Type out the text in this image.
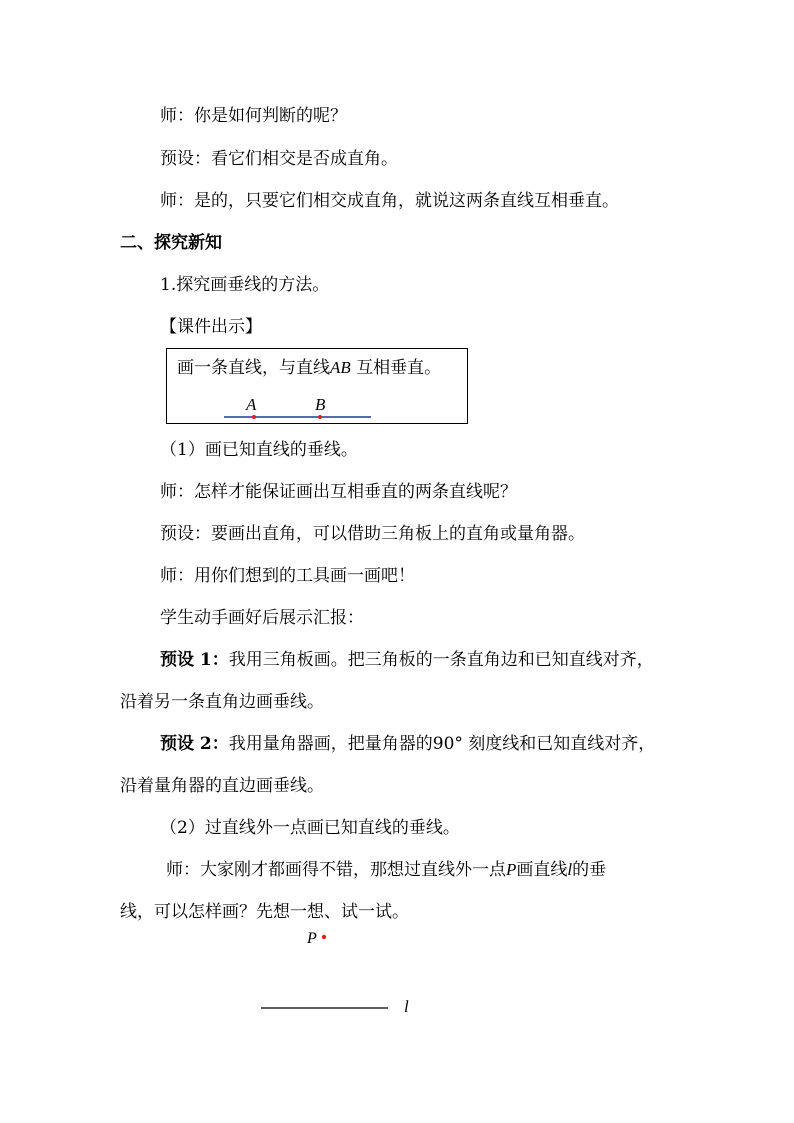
师：你是如何判断的呢？
预设：看它们相交是否成直角。
师：是的，只要它们相交成直角，就说这两条直线互相垂直。
二、探究新知
1.探究画垂线的方法。
【课件出示】
画一条直线，与直线AB 互相垂直。
（1）画已知直线的垂线。
师：怎样才能保证画出互相垂直的两条直线呢？
预设：要画出直角，可以借助三角板上的直角或量角器。
师：用你们想到的工具画一画吧！
学生动手画好后展示汇报：
预设 1：我用三角板画。把三角板的一条直角边和已知直线对齐，
沿着另一条直角边画垂线。
预设 2：我用量角器画，把量角器的90° 刻度线和已知直线对齐，
沿着量角器的直边画垂线。
（2）过直线外一点画已知直线的垂线。
师：大家刚才都画得不错，那想过直线外一点P画直线l的垂
线，可以怎样画？先想一想、试一试。
A	B
P
l
